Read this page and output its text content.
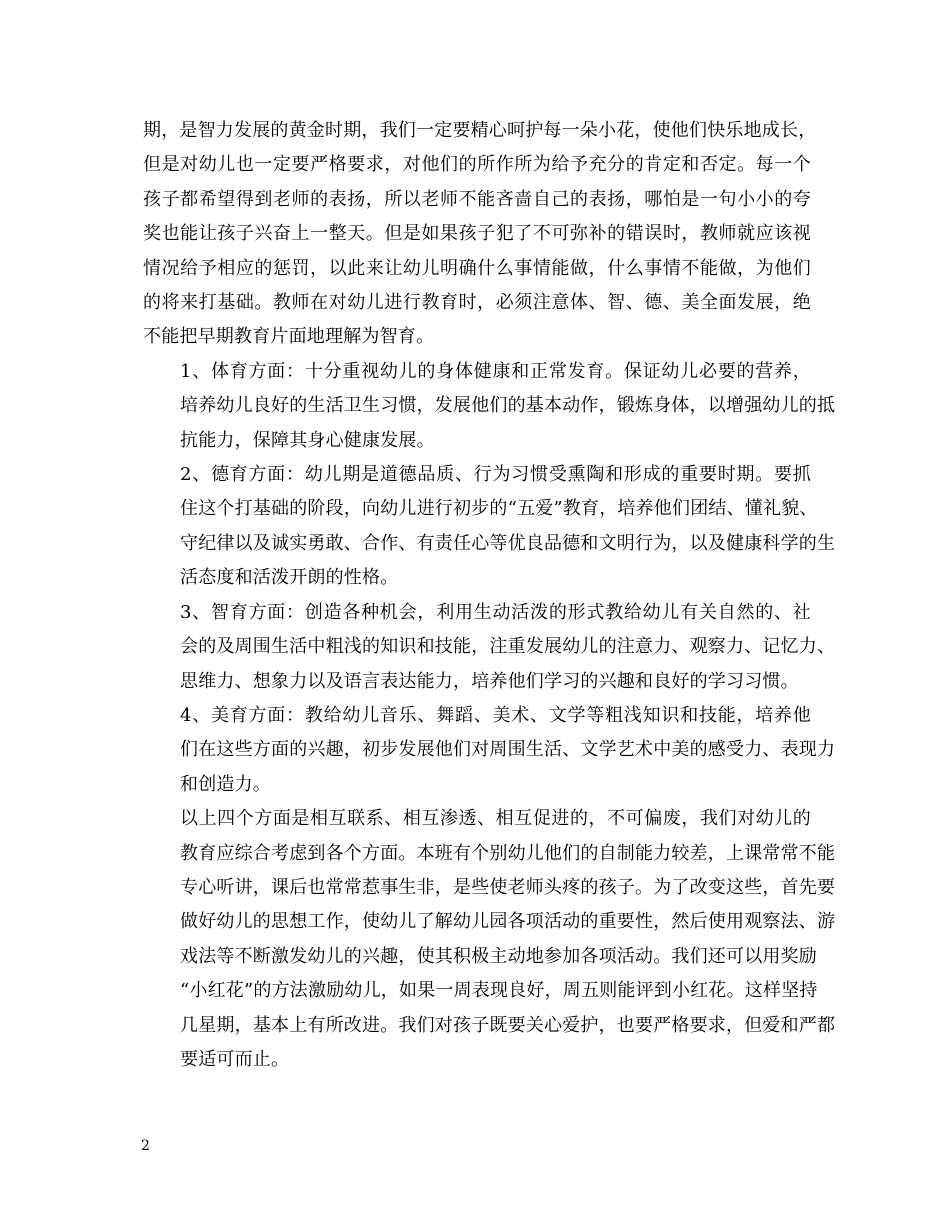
期，是智力发展的黄金时期，我们一定要精心呵护每一朵小花，使他们快乐地成长，
但是对幼儿也一定要严格要求，对他们的所作所为给予充分的肯定和否定。每一个
孩子都希望得到老师的表扬，所以老师不能吝啬自己的表扬，哪怕是一句小小的夸
奖也能让孩子兴奋上一整天。但是如果孩子犯了不可弥补的错误时，教师就应该视
情况给予相应的惩罚，以此来让幼儿明确什么事情能做，什么事情不能做，为他们
的将来打基础。教师在对幼儿进行教育时，必须注意体、智、德、美全面发展，绝
不能把早期教育片面地理解为智育。

1、体育方面：十分重视幼儿的身体健康和正常发育。保证幼儿必要的营养，
培养幼儿良好的生活卫生习惯，发展他们的基本动作，锻炼身体，以增强幼儿的抵
抗能力，保障其身心健康发展。

2、德育方面：幼儿期是道德品质、行为习惯受熏陶和形成的重要时期。要抓
住这个打基础的阶段，向幼儿进行初步的“五爱”教育，培养他们团结、懂礼貌、
守纪律以及诚实勇敢、合作、有责任心等优良品德和文明行为，以及健康科学的生
活态度和活泼开朗的性格。

3、智育方面：创造各种机会，利用生动活泼的形式教给幼儿有关自然的、社
会的及周围生活中粗浅的知识和技能，注重发展幼儿的注意力、观察力、记忆力、
思维力、想象力以及语言表达能力，培养他们学习的兴趣和良好的学习习惯。

4、美育方面：教给幼儿音乐、舞蹈、美术、文学等粗浅知识和技能，培养他
们在这些方面的兴趣，初步发展他们对周围生活、文学艺术中美的感受力、表现力
和创造力。

以上四个方面是相互联系、相互渗透、相互促进的，不可偏废，我们对幼儿的
教育应综合考虑到各个方面。本班有个别幼儿他们的自制能力较差，上课常常不能
专心听讲，课后也常常惹事生非，是些使老师头疼的孩子。为了改变这些，首先要
做好幼儿的思想工作，使幼儿了解幼儿园各项活动的重要性，然后使用观察法、游
戏法等不断激发幼儿的兴趣，使其积极主动地参加各项活动。我们还可以用奖励
“小红花”的方法激励幼儿，如果一周表现良好，周五则能评到小红花。这样坚持
几星期，基本上有所改进。我们对孩子既要关心爱护，也要严格要求，但爱和严都
要适可而止。

2
